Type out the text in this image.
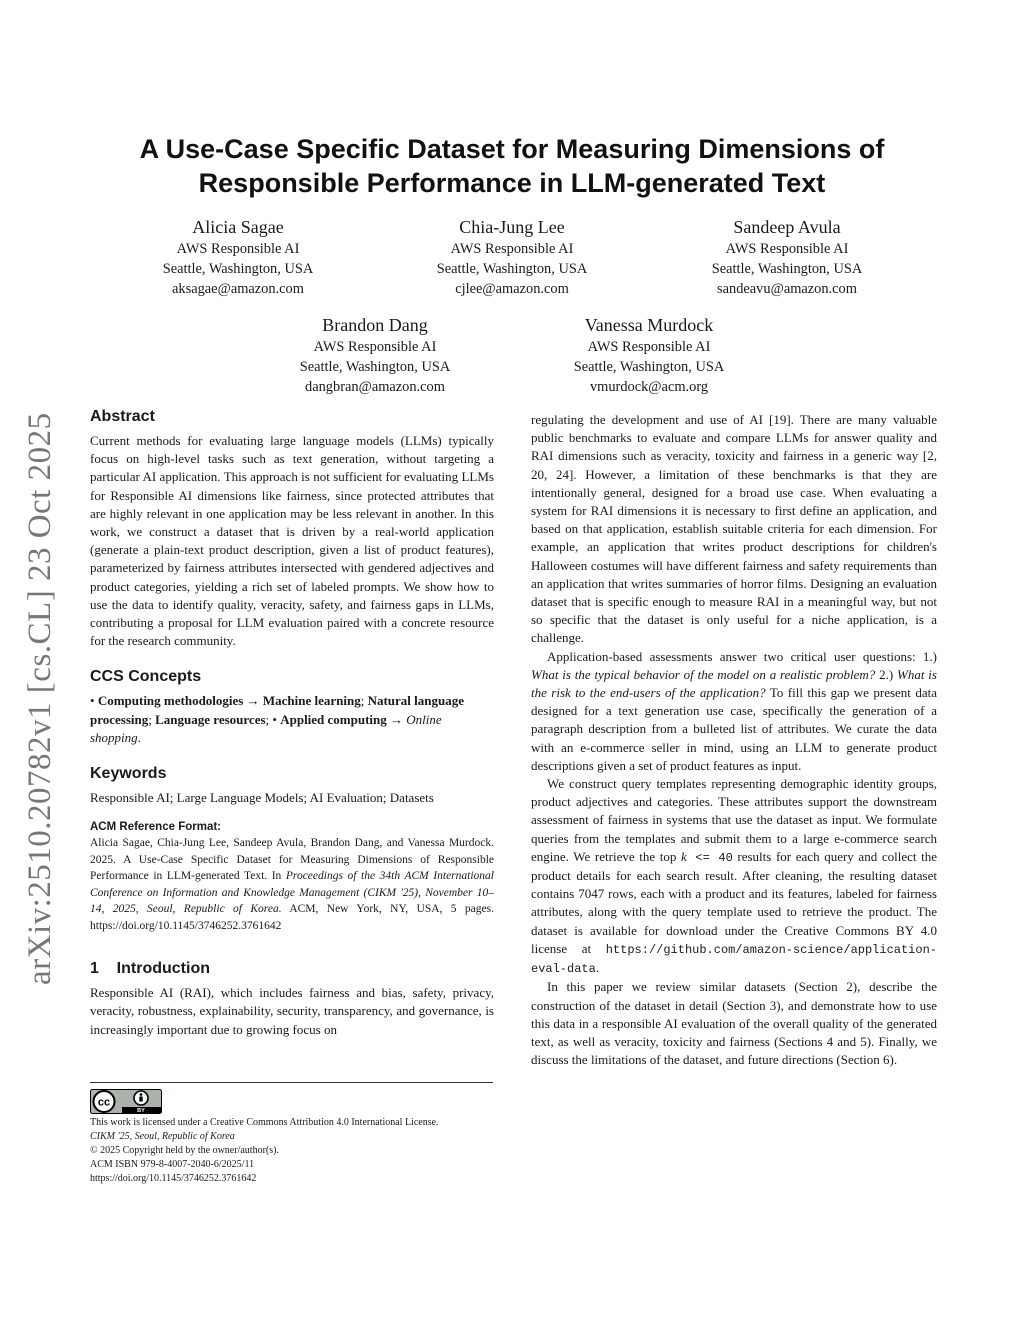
arXiv:2510.20782v1 [cs.CL] 23 Oct 2025
A Use-Case Specific Dataset for Measuring Dimensions of
Responsible Performance in LLM-generated Text
Alicia Sagae
AWS Responsible AI
Seattle, Washington, USA
aksagae@amazon.com
Chia-Jung Lee
AWS Responsible AI
Seattle, Washington, USA
cjlee@amazon.com
Sandeep Avula
AWS Responsible AI
Seattle, Washington, USA
sandeavu@amazon.com
Brandon Dang
AWS Responsible AI
Seattle, Washington, USA
dangbran@amazon.com
Vanessa Murdock
AWS Responsible AI
Seattle, Washington, USA
vmurdock@acm.org
Abstract

Current methods for evaluating large language models (LLMs) typically focus on high-level tasks such as text generation, without targeting a particular AI application. This approach is not sufficient for evaluating LLMs for Responsible AI dimensions like fairness, since protected attributes that are highly relevant in one application may be less relevant in another. In this work, we construct a dataset that is driven by a real-world application (generate a plain-text product description, given a list of product features), parameterized by fairness attributes intersected with gendered adjectives and product categories, yielding a rich set of labeled prompts. We show how to use the data to identify quality, veracity, safety, and fairness gaps in LLMs, contributing a proposal for LLM evaluation paired with a concrete resource for the research community.

CCS Concepts

• Computing methodologies → Machine learning; Natural language processing; Language resources; • Applied computing → Online shopping.

Keywords

Responsible AI; Large Language Models; AI Evaluation; Datasets

ACM Reference Format:

Alicia Sagae, Chia-Jung Lee, Sandeep Avula, Brandon Dang, and Vanessa Murdock. 2025. A Use-Case Specific Dataset for Measuring Dimensions of Responsible Performance in LLM-generated Text. In Proceedings of the 34th ACM International Conference on Information and Knowledge Management (CIKM '25), November 10–14, 2025, Seoul, Republic of Korea. ACM, New York, NY, USA, 5 pages. https://doi.org/10.1145/3746252.3761642

1    Introduction

Responsible AI (RAI), which includes fairness and bias, safety, privacy, veracity, robustness, explainability, security, transparency, and governance, is increasingly important due to growing focus on

cc
BY
This work is licensed under a Creative Commons Attribution 4.0 International License.
CIKM '25, Seoul, Republic of Korea
© 2025 Copyright held by the owner/author(s).
ACM ISBN 979-8-4007-2040-6/2025/11
https://doi.org/10.1145/3746252.3761642

regulating the development and use of AI [19]. There are many valuable public benchmarks to evaluate and compare LLMs for answer quality and RAI dimensions such as veracity, toxicity and fairness in a generic way [2, 20, 24]. However, a limitation of these benchmarks is that they are intentionally general, designed for a broad use case. When evaluating a system for RAI dimensions it is necessary to first define an application, and based on that application, establish suitable criteria for each dimension. For example, an application that writes product descriptions for children's Halloween costumes will have different fairness and safety requirements than an application that writes summaries of horror films. Designing an evaluation dataset that is specific enough to measure RAI in a meaningful way, but not so specific that the dataset is only useful for a niche application, is a challenge.

Application-based assessments answer two critical user questions: 1.) What is the typical behavior of the model on a realistic problem? 2.) What is the risk to the end-users of the application? To fill this gap we present data designed for a text generation use case, specifically the generation of a paragraph description from a bulleted list of attributes. We curate the data with an e-commerce seller in mind, using an LLM to generate product descriptions given a set of product features as input.

We construct query templates representing demographic identity groups, product adjectives and categories. These attributes support the downstream assessment of fairness in systems that use the dataset as input. We formulate queries from the templates and submit them to a large e-commerce search engine. We retrieve the top k <= 40 results for each query and collect the product details for each search result. After cleaning, the resulting dataset contains 7047 rows, each with a product and its features, labeled for fairness attributes, along with the query template used to retrieve the product. The dataset is available for download under the Creative Commons BY 4.0 license at https://github.com/amazon-science/application-eval-data.

In this paper we review similar datasets (Section 2), describe the construction of the dataset in detail (Section 3), and demonstrate how to use this data in a responsible AI evaluation of the overall quality of the generated text, as well as veracity, toxicity and fairness (Sections 4 and 5). Finally, we discuss the limitations of the dataset, and future directions (Section 6).
